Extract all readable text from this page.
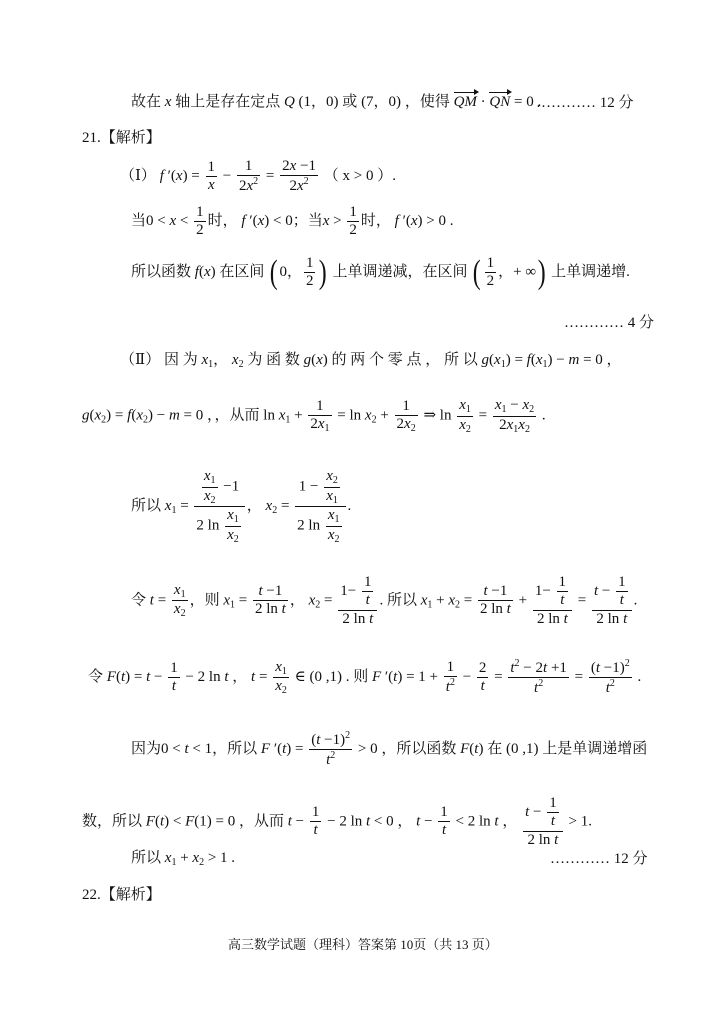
故在 x 轴上是存在定点 Q (1，0) 或 (7，0) ，使得 QM · QN = 0 .
………… 12 分
21.【解析】
（Ⅰ） f $'(x) = \frac{1}{x} - \frac{1}{2x^2} = \frac{2x -1}{2x^2}$ （ x > 0 ）.
当$0 < x < \frac{1}{2}$ 时， f ′(x) < 0；当$x > \frac{1}{2}$ 时， f ′(x) > 0 .
所以函数 f(x) 在区间 ( 0， $\frac{1}{2}$ ) 上单调递减，在区间 ( $\frac{1}{2}$ ，+ ∞) 上单调递增.
………… 4 分
（Ⅱ） 因 为 $x_1$， $x_2$ 为 函 数 g(x) 的 两 个 零 点 ， 所 以 $g(x_1) = f(x_1) - m = 0$ ，
$g(x_2) = f(x_2) - m = 0$ ，，从而 $\ln x_1 + \frac{1}{2x_1} = \ln x_2 + \frac{1}{2x_2}$ ⇒ $\ln \frac{x_1}{x_2} = \frac{x_1 - x_2}{2x_1x_2}$ .
所以 $x_1 = \frac{\frac{x_1}{x_2} -1}{2 \ln \frac{x_1}{x_2}}$ ， $x_2 = \frac{1 - \frac{x_2}{x_1}}{2 \ln \frac{x_1}{x_2}}$ .
令 $t = \frac{x_1}{x_2}$ ，则 $x_1 = \frac{t -1}{\text{2 ln t}}$ ， $x_2 = \frac{1- \frac{1}{t}}{\text{2 ln t}}$ . 所以 $x_1 + x_2 = \frac{t -1}{\text{2 ln t}} + \frac{1- \frac{1}{t}}{\text{2 ln t}} = \frac{t - \frac{1}{t}}{\text{2 ln t}}$ .
令 $F(t) = t - \frac{1}{t} - 2$ ln t ， $t = \frac{x_1}{x_2}$ ∈ (0 ,1) . 则 F $'(t) = 1 + \frac{1}{t^2} - \frac{2}{t} = \frac{t^2 - 2t +1}{t^2} = \frac{(t -1)^2}{t^2}$ .
因为0 < t < 1，所以 F $'(t) = \frac{(t -1)^2}{t^2} > 0$ ，所以函数 F(t) 在 (0 ,1) 上是单调递增函
数，所以 F(t) < F(1) = 0 ，从而 $t - \frac{1}{t} - 2$ ln t < 0 ， $t - \frac{1}{t} < 2$ ln t ， $\frac{t - \frac{1}{t}}{\text{2 ln t}} > 1$.
所以 $x_1 + x_2 > 1$ .	………… 12 分
22.【解析】
高三数学试题（理科）答案第 10页（共 13 页）
